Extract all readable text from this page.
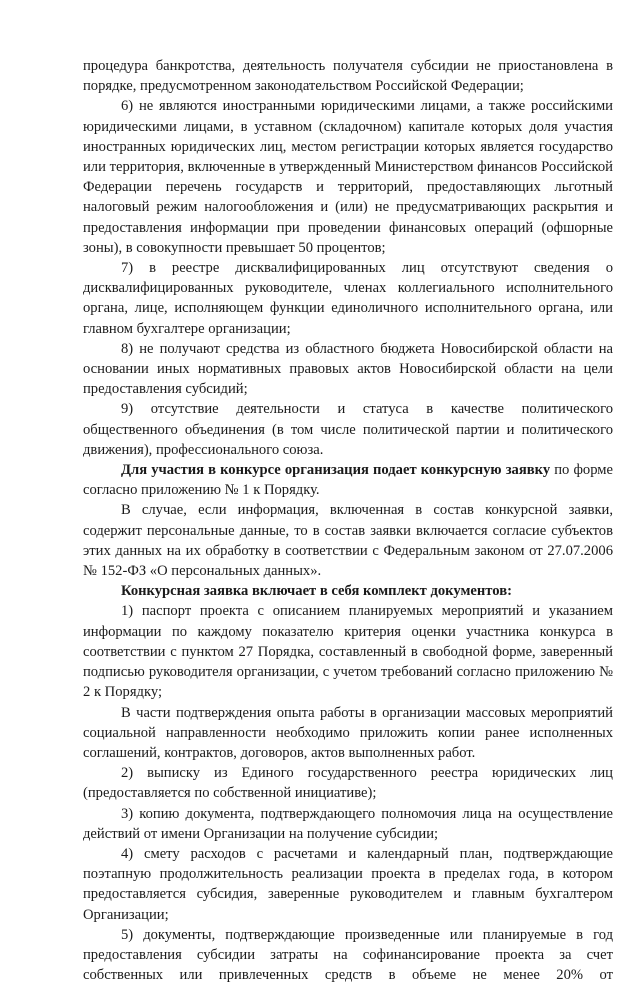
процедура банкротства, деятельность получателя субсидии не приостановлена в порядке, предусмотренном законодательством Российской Федерации;

6) не являются иностранными юридическими лицами, а также российскими юридическими лицами, в уставном (складочном) капитале которых доля участия иностранных юридических лиц, местом регистрации которых является государство или территория, включенные в утвержденный Министерством финансов Российской Федерации перечень государств и территорий, предоставляющих льготный налоговый режим налогообложения и (или) не предусматривающих раскрытия и предоставления информации при проведении финансовых операций (офшорные зоны), в совокупности превышает 50 процентов;

7) в реестре дисквалифицированных лиц отсутствуют сведения о дисквалифицированных руководителе, членах коллегиального исполнительного органа, лице, исполняющем функции единоличного исполнительного органа, или главном бухгалтере организации;

8) не получают средства из областного бюджета Новосибирской области на основании иных нормативных правовых актов Новосибирской области на цели предоставления субсидий;

9) отсутствие деятельности и статуса в качестве политического общественного объединения (в том числе политической партии и политического движения), профессионального союза.

Для участия в конкурсе организация подает конкурсную заявку по форме согласно приложению № 1 к Порядку.

В случае, если информация, включенная в состав конкурсной заявки, содержит персональные данные, то в состав заявки включается согласие субъектов этих данных на их обработку в соответствии с Федеральным законом от 27.07.2006 № 152-ФЗ «О персональных данных».

Конкурсная заявка включает в себя комплект документов:

1) паспорт проекта с описанием планируемых мероприятий и указанием информации по каждому показателю критерия оценки участника конкурса в соответствии с пунктом 27 Порядка, составленный в свободной форме, заверенный подписью руководителя организации, с учетом требований согласно приложению № 2 к Порядку;

В части подтверждения опыта работы в организации массовых мероприятий социальной направленности необходимо приложить копии ранее исполненных соглашений, контрактов, договоров, актов выполненных работ.

2) выписку из Единого государственного реестра юридических лиц (предоставляется по собственной инициативе);

3) копию документа, подтверждающего полномочия лица на осуществление действий от имени Организации на получение субсидии;

4) смету расходов с расчетами и календарный план, подтверждающие поэтапную продолжительность реализации проекта в пределах года, в котором предоставляется субсидия, заверенные руководителем и главным бухгалтером Организации;

5) документы, подтверждающие произведенные или планируемые в год предоставления субсидии затраты на софинансирование проекта за счет собственных или привлеченных средств в объеме не менее 20% от
